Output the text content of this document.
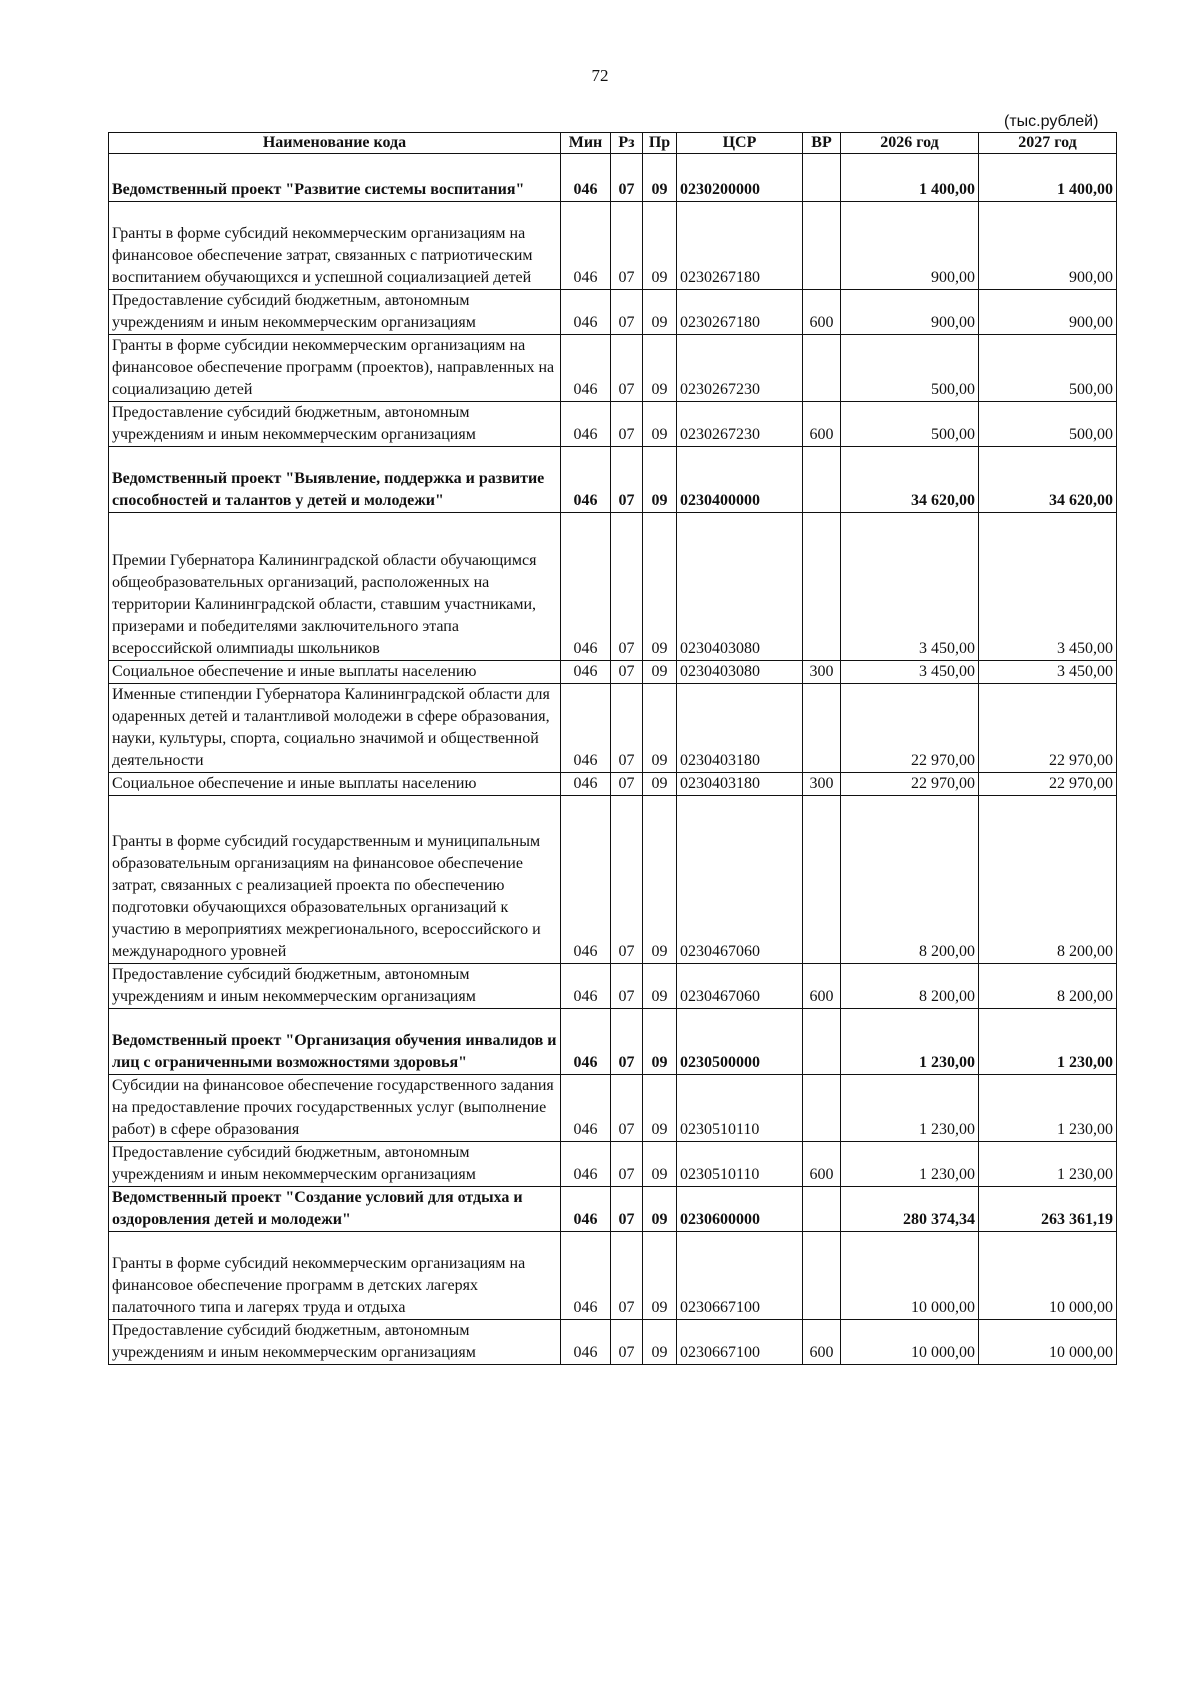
72
(тыс.рублей)
Наименование кода	Мин	Рз	Пр	ЦСР	ВР	2026 год	2027 год
Ведомственный проект "Развитие системы воспитания"	046	07	09	0230200000		1 400,00	1 400,00
Гранты в форме субсидий некоммерческим организациям на финансовое обеспечение затрат, связанных с патриотическим воспитанием обучающихся и успешной социализацией детей	046	07	09	0230267180		900,00	900,00
Предоставление субсидий бюджетным, автономным учреждениям и иным некоммерческим организациям	046	07	09	0230267180	600	900,00	900,00
Гранты в форме субсидии некоммерческим организациям на финансовое обеспечение программ (проектов), направленных на социализацию детей	046	07	09	0230267230		500,00	500,00
Предоставление субсидий бюджетным, автономным учреждениям и иным некоммерческим организациям	046	07	09	0230267230	600	500,00	500,00
Ведомственный проект "Выявление, поддержка и развитие способностей и талантов у детей и молодежи"	046	07	09	0230400000		34 620,00	34 620,00
Премии Губернатора Калининградской области обучающимся общеобразовательных организаций, расположенных на территории Калининградской области, ставшим участниками, призерами и победителями заключительного этапа всероссийской олимпиады школьников	046	07	09	0230403080		3 450,00	3 450,00
Социальное обеспечение и иные выплаты населению	046	07	09	0230403080	300	3 450,00	3 450,00
Именные стипендии Губернатора Калининградской области для одаренных детей и талантливой молодежи в сфере образования, науки, культуры, спорта, социально значимой и общественной деятельности	046	07	09	0230403180		22 970,00	22 970,00
Социальное обеспечение и иные выплаты населению	046	07	09	0230403180	300	22 970,00	22 970,00
Гранты в форме субсидий государственным и муниципальным образовательным организациям на финансовое обеспечение затрат, связанных с реализацией проекта по обеспечению подготовки обучающихся образовательных организаций к участию в мероприятиях межрегионального, всероссийского и международного уровней	046	07	09	0230467060		8 200,00	8 200,00
Предоставление субсидий бюджетным, автономным учреждениям и иным некоммерческим организациям	046	07	09	0230467060	600	8 200,00	8 200,00
Ведомственный проект "Организация обучения инвалидов и лиц с ограниченными возможностями здоровья"	046	07	09	0230500000		1 230,00	1 230,00
Субсидии на финансовое обеспечение государственного задания на предоставление прочих государственных услуг (выполнение работ) в сфере образования	046	07	09	0230510110		1 230,00	1 230,00
Предоставление субсидий бюджетным, автономным учреждениям и иным некоммерческим организациям	046	07	09	0230510110	600	1 230,00	1 230,00
Ведомственный проект "Создание условий для отдыха и оздоровления детей и молодежи"	046	07	09	0230600000		280 374,34	263 361,19
Гранты в форме субсидий некоммерческим организациям на финансовое обеспечение программ в детских лагерях палаточного типа и лагерях труда и отдыха	046	07	09	0230667100		10 000,00	10 000,00
Предоставление субсидий бюджетным, автономным учреждениям и иным некоммерческим организациям	046	07	09	0230667100	600	10 000,00	10 000,00
